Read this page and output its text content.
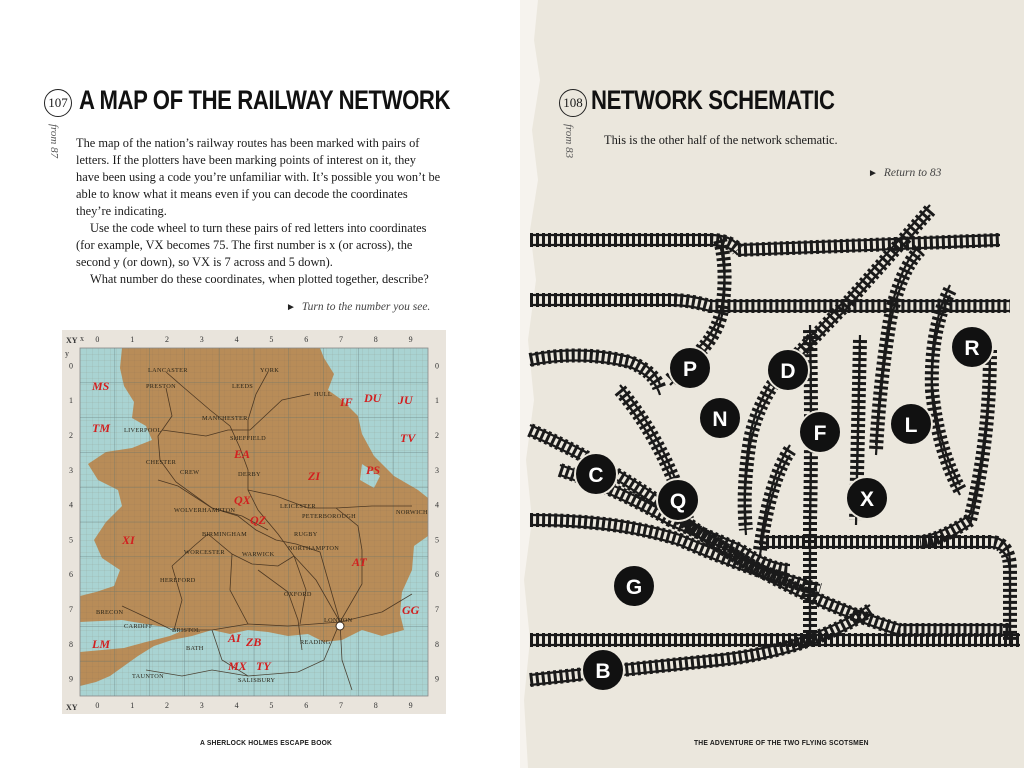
107 A MAP OF THE RAILWAY NETWORK
from 87 The map of the nation’s railway routes has been marked with pairs of letters. If the plotters have been marking points of interest on it, they have been using a code you’re unfamiliar with. It’s possible you won’t be able to know what it means even if you can decode the coordinates they’re indicating.

Use the code wheel to turn these pairs of red letters into coordinates (for example, VX becomes 75. The first number is x (or across), the second y (or down), so VX is 7 across and 5 down).

What number do these coordinates, when plotted together, describe?

► Turn to the number you see.
0
0
0	0
1
1
1	1
2
2
2	2
3
3
3	3
4
4
4	4
5
5
5	5
6
6
6	6
7
7
7	7
8
8
8	8
9
9
9	9
XY
XY
x
y
LANCASTER	YORK
PRESTON	LEEDS
HULL
MANCHESTER
LIVERPOOL
SHEFFIELD
CHESTER
CREW	DERBY
LEICESTER
WOLVERHAMPTON
PETERBOROUGH
NORWICH
BIRMINGHAM	RUGBY
NORTHAMPTON
WORCESTER	WARWICK
HEREFORD
BRECON
OXFORD
CARDIFF
BRISTOL
LONDON
READING
BATH
TAUNTON
SALISBURY
MS
IF DU JU
TV
TM
EA
ZI	PS
QX
QZ
XI
AT
GG
LM	AI ZB
MX TY
A SHERLOCK HOLMES ESCAPE BOOK
108 NETWORK SCHEMATIC
from 83 This is the other half of the network schematic.
► Return to 83
P	D
R
N
F	L
C
Q	X
G
B
THE ADVENTURE OF THE TWO FLYING SCOTSMEN
